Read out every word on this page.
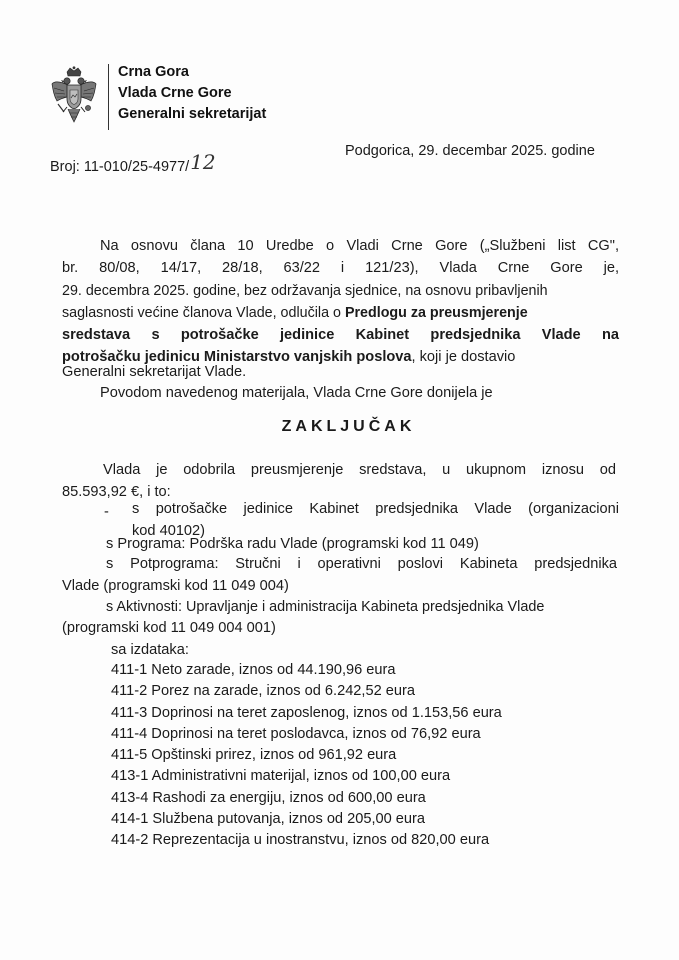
Crna Gora
Vlada Crne Gore
Generalni sekretarijat
Broj: 11-010/25-4977/12	Podgorica, 29. decembar 2025. godine
Na osnovu člana 10 Uredbe o Vladi Crne Gore („Službeni list CG",
br. 80/08, 14/17, 28/18, 63/22 i 121/23), Vlada Crne Gore je,
29. decembra 2025. godine, bez održavanja sjednice, na osnovu pribavljenih
saglasnosti većine članova Vlade, odlučila o Predlogu za preusmjerenje
sredstava s potrošačke jedinice Kabinet predsjednika Vlade na
potrošačku jedinicu Ministarstvo vanjskih poslova, koji je dostavio
Generalni sekretarijat Vlade.
Povodom navedenog materijala, Vlada Crne Gore donijela je
ZAKLJUČAK
Vlada je odobrila preusmjerenje sredstava, u ukupnom iznosu od
85.593,92 €, i to:
- s potrošačke jedinice Kabinet predsjednika Vlade (organizacioni
kod 40102)
s Programa: Podrška radu Vlade (programski kod 11 049)
s Potprograma: Stručni i operativni poslovi Kabineta predsjednika
Vlade (programski kod 11 049 004)
s Aktivnosti: Upravljanje i administracija Kabineta predsjednika Vlade
(programski kod 11 049 004 001)
sa izdataka:
411-1 Neto zarade, iznos od 44.190,96 eura
411-2 Porez na zarade, iznos od 6.242,52 eura
411-3 Doprinosi na teret zaposlenog, iznos od 1.153,56 eura
411-4 Doprinosi na teret poslodavca, iznos od 76,92 eura
411-5 Opštinski prirez, iznos od 961,92 eura
413-1 Administrativni materijal, iznos od 100,00 eura
413-4 Rashodi za energiju, iznos od 600,00 eura
414-1 Službena putovanja, iznos od 205,00 eura
414-2 Reprezentacija u inostranstvu, iznos od 820,00 eura
